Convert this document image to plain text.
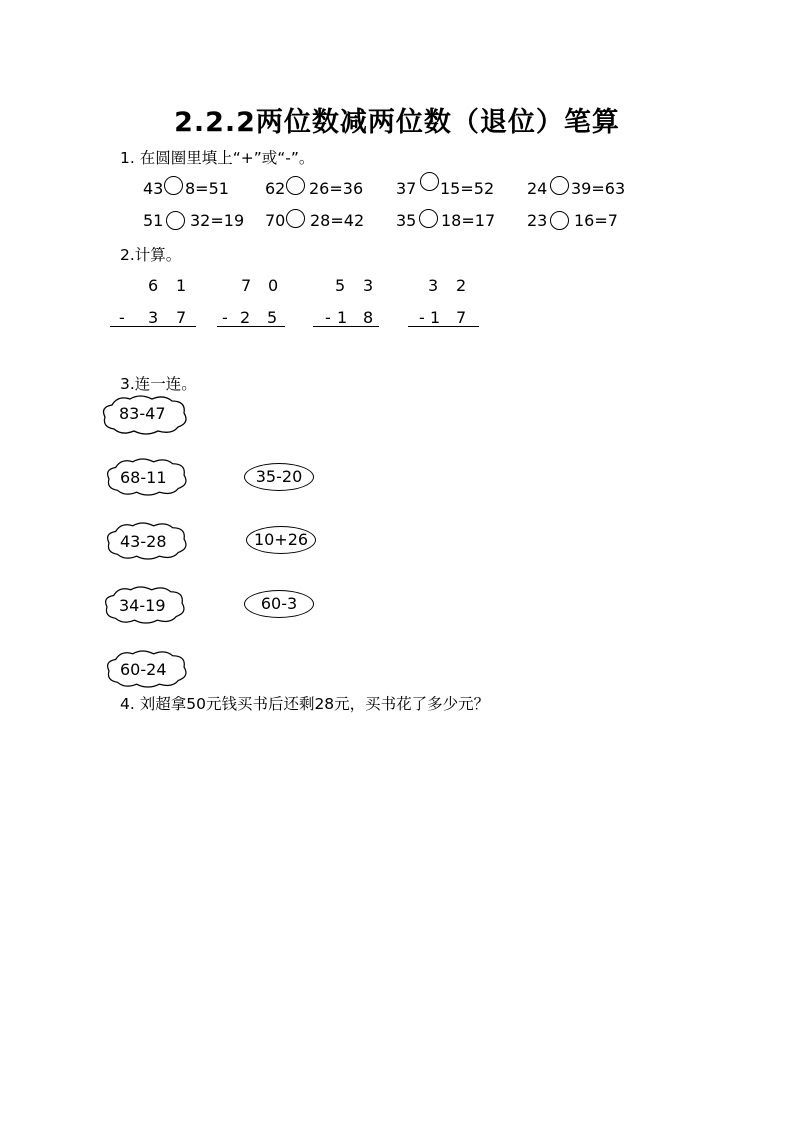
2.2.2两位数减两位数（退位）笔算
1. 在圆圈里填上“+”或“-”。
43 8=51 62 26=36 37 15=52 24 39=63
51 32=19 70 28=42 35 18=17 23 16=7
2.计算。
6 1
- 3 7
7 0
- 2 5
5 3
- 1 8
3 2
- 1 7
3.连一连。
83-47
68-11
43-28
34-19
60-24
35-20
10+26
60-3
4. 刘超拿50元钱买书后还剩28元，买书花了多少元？
